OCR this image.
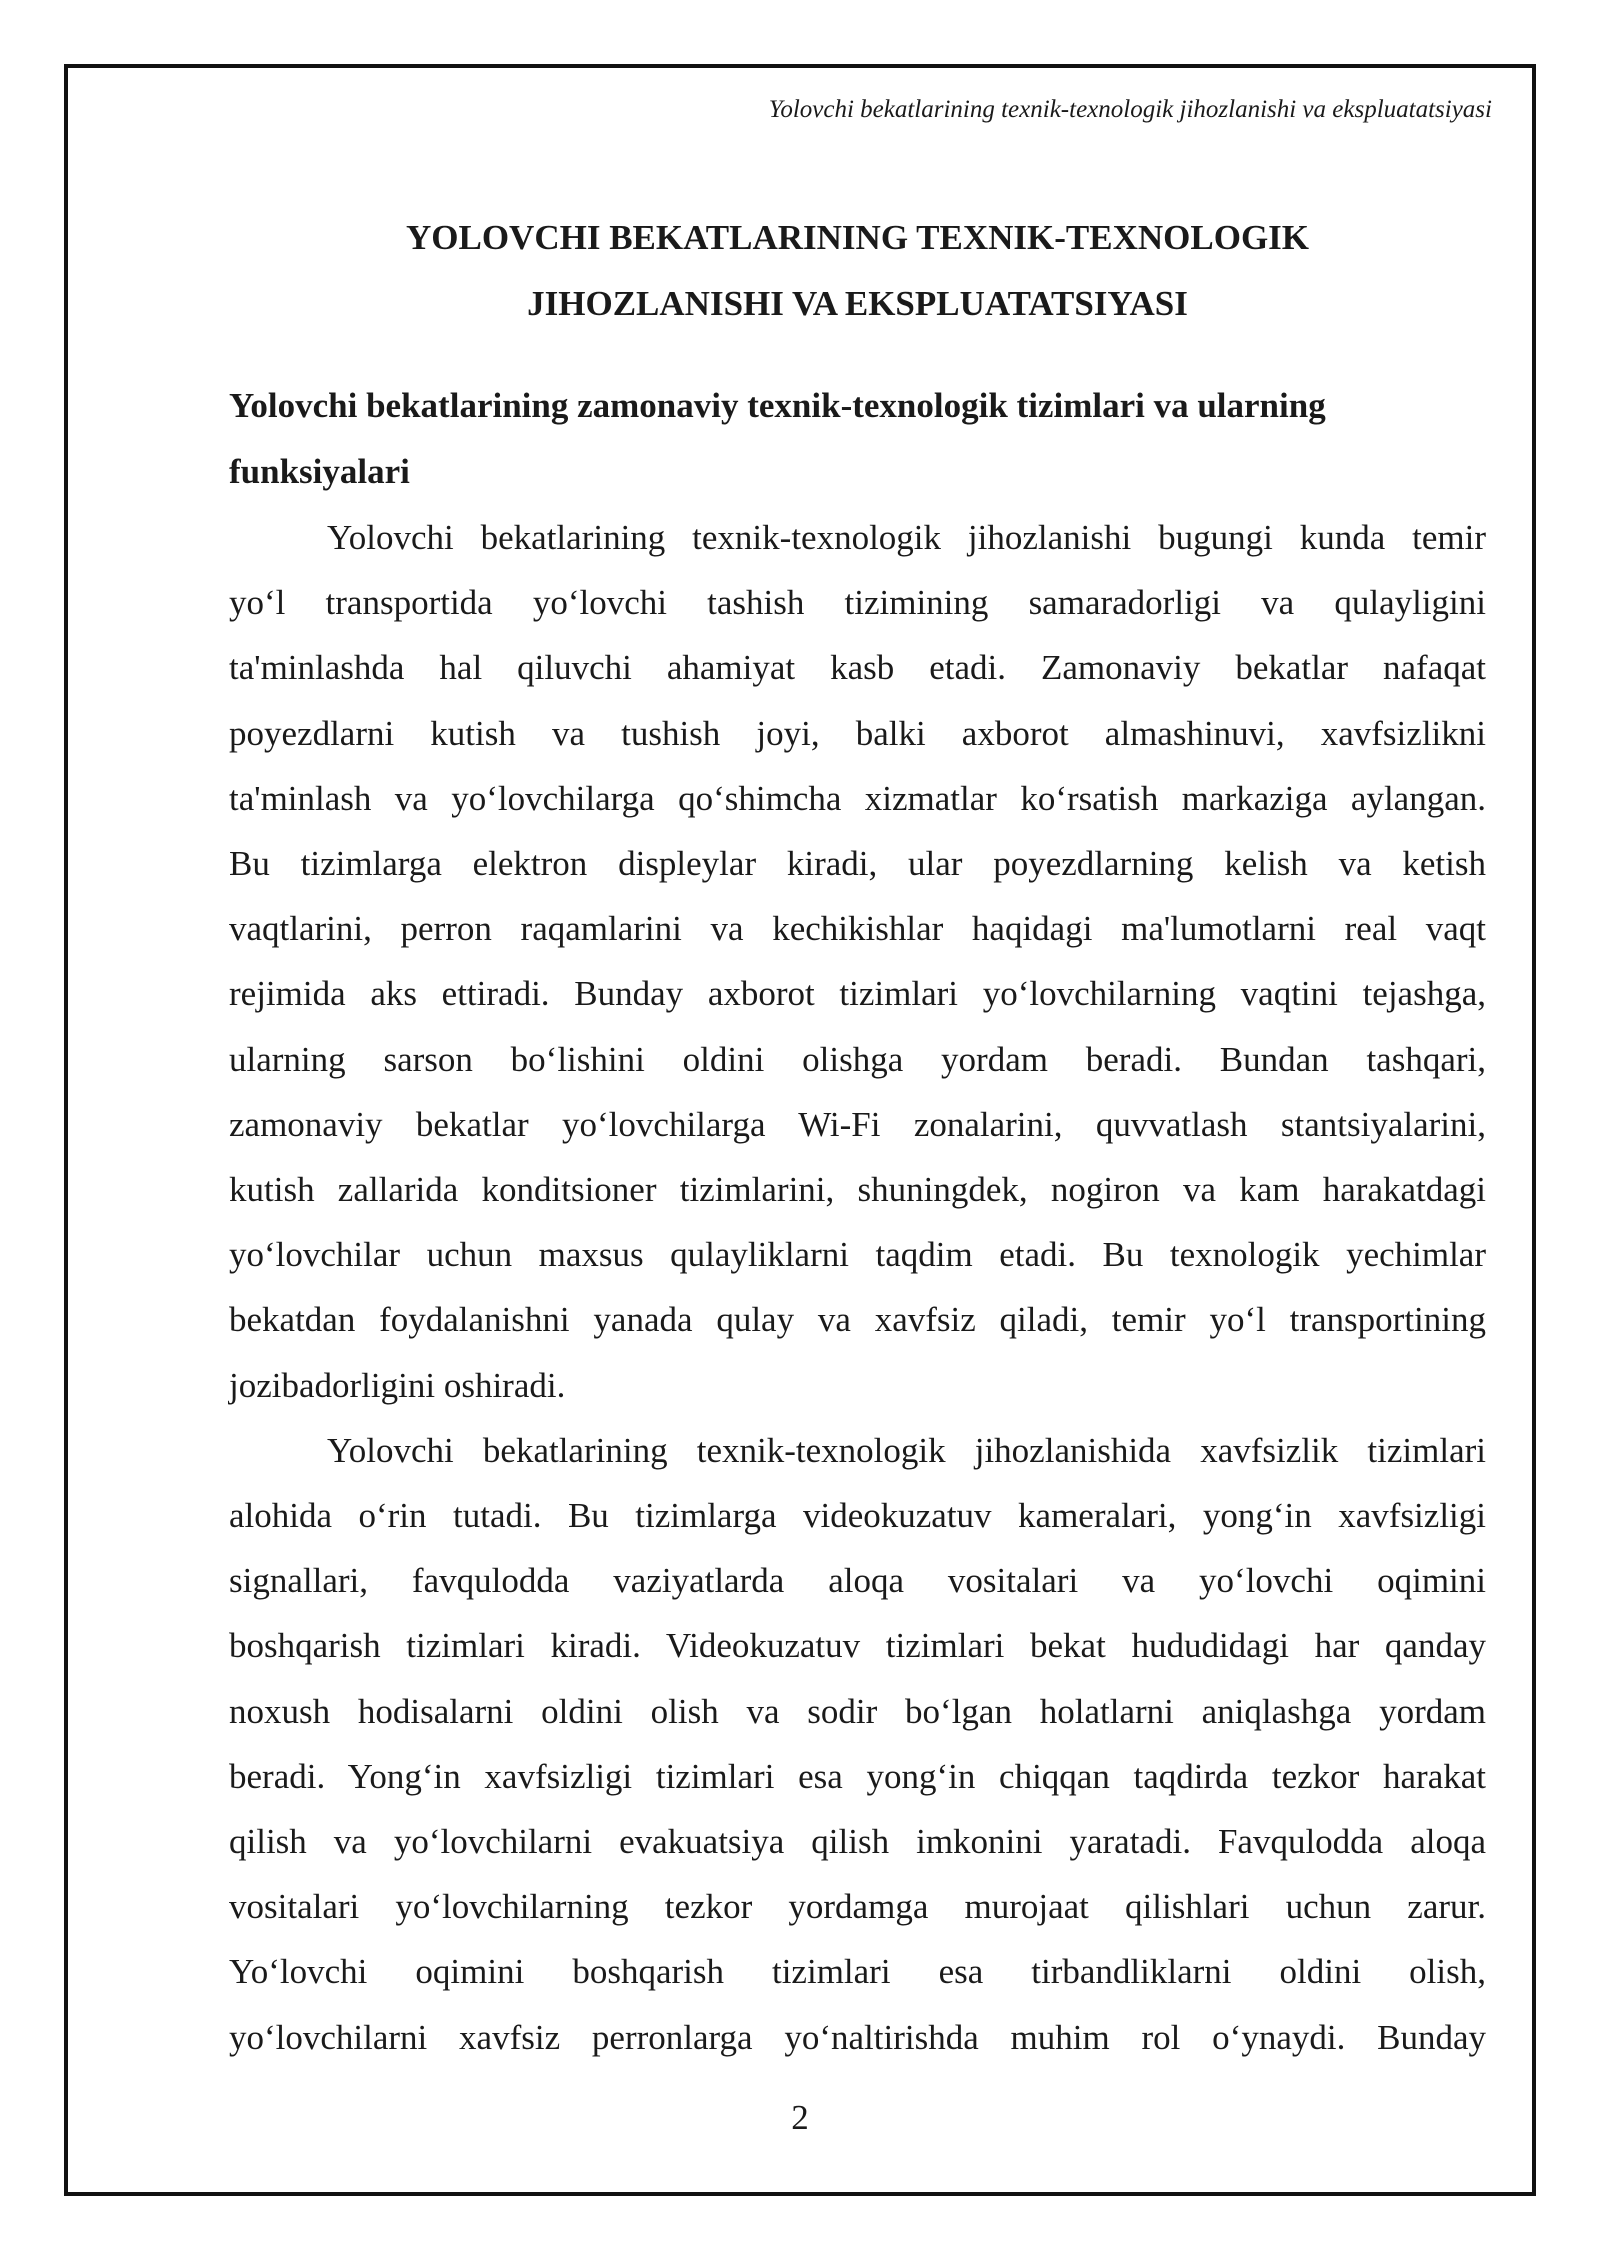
Yolovchi bekatlarining texnik-texnologik jihozlanishi va ekspluatatsiyasi
YOLOVCHI BEKATLARINING TEXNIK-TEXNOLOGIK
JIHOZLANISHI VA EKSPLUATATSIYASI
Yolovchi bekatlarining zamonaviy texnik-texnologik tizimlari va ularning
funksiyalari

Yolovchi bekatlarining texnik-texnologik jihozlanishi bugungi kunda temir
yo‘l transportida yo‘lovchi tashish tizimining samaradorligi va qulayligini
ta'minlashda hal qiluvchi ahamiyat kasb etadi. Zamonaviy bekatlar nafaqat
poyezdlarni kutish va tushish joyi, balki axborot almashinuvi, xavfsizlikni
ta'minlash va yo‘lovchilarga qo‘shimcha xizmatlar ko‘rsatish markaziga aylangan.
Bu tizimlarga elektron displeylar kiradi, ular poyezdlarning kelish va ketish
vaqtlarini, perron raqamlarini va kechikishlar haqidagi ma'lumotlarni real vaqt
rejimida aks ettiradi. Bunday axborot tizimlari yo‘lovchilarning vaqtini tejashga,
ularning sarson bo‘lishini oldini olishga yordam beradi. Bundan tashqari,
zamonaviy bekatlar yo‘lovchilarga Wi-Fi zonalarini, quvvatlash stantsiyalarini,
kutish zallarida konditsioner tizimlarini, shuningdek, nogiron va kam harakatdagi
yo‘lovchilar uchun maxsus qulayliklarni taqdim etadi. Bu texnologik yechimlar
bekatdan foydalanishni yanada qulay va xavfsiz qiladi, temir yo‘l transportining
jozibadorligini oshiradi.

Yolovchi bekatlarining texnik-texnologik jihozlanishida xavfsizlik tizimlari
alohida o‘rin tutadi. Bu tizimlarga videokuzatuv kameralari, yong‘in xavfsizligi
signallari, favqulodda vaziyatlarda aloqa vositalari va yo‘lovchi oqimini
boshqarish tizimlari kiradi. Videokuzatuv tizimlari bekat hududidagi har qanday
noxush hodisalarni oldini olish va sodir bo‘lgan holatlarni aniqlashga yordam
beradi. Yong‘in xavfsizligi tizimlari esa yong‘in chiqqan taqdirda tezkor harakat
qilish va yo‘lovchilarni evakuatsiya qilish imkonini yaratadi. Favqulodda aloqa
vositalari yo‘lovchilarning tezkor yordamga murojaat qilishlari uchun zarur.
Yo‘lovchi oqimini boshqarish tizimlari esa tirbandliklarni oldini olish,
yo‘lovchilarni xavfsiz perronlarga yo‘naltirishda muhim rol o‘ynaydi. Bunday

2
